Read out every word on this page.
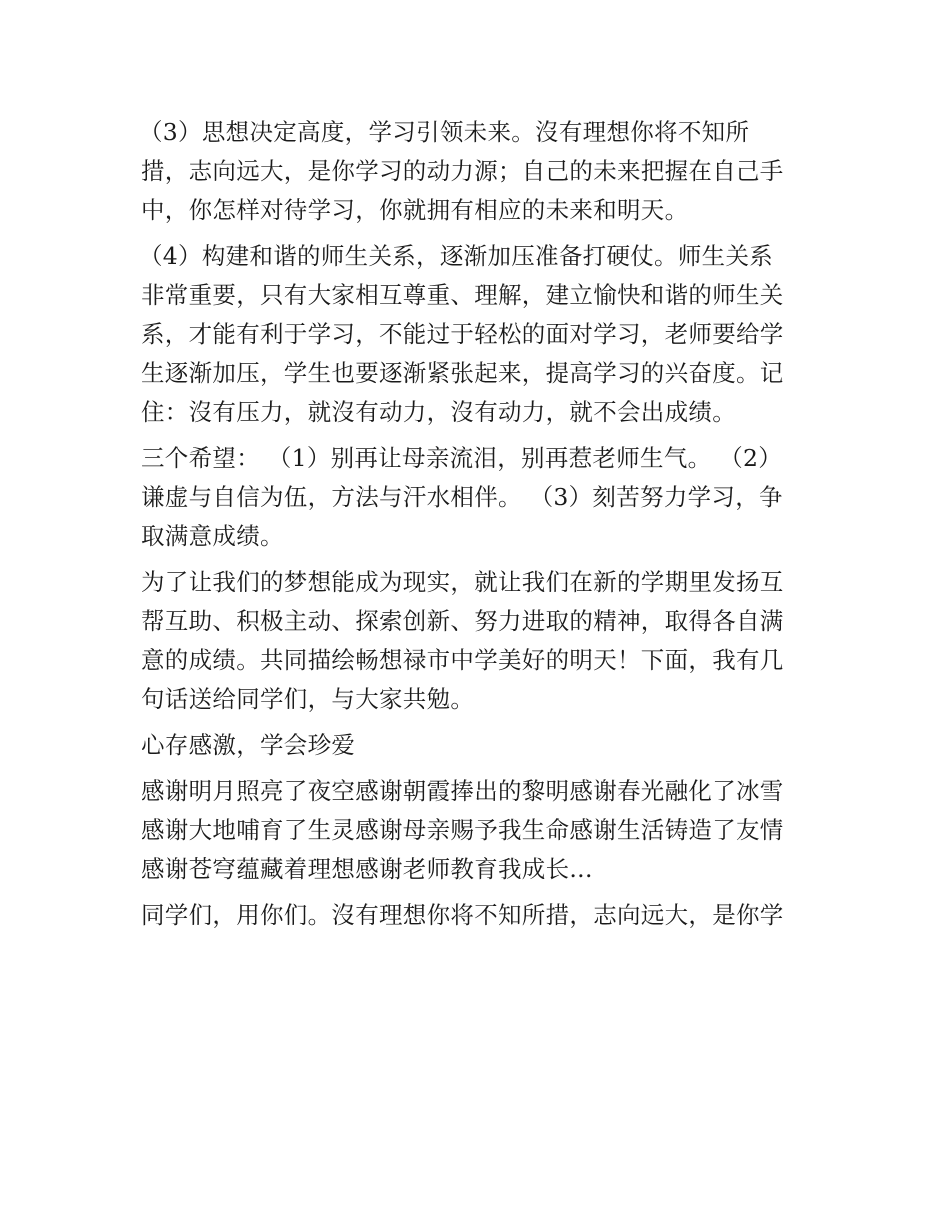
（3）思想决定高度，学习引领未来。沒有理想你将不知所
措，志向远大，是你学习的动力源；自己的未来把握在自己手
中，你怎样对待学习，你就拥有相应的未来和明天。
（4）构建和谐的师生关系，逐渐加压准备打硬仗。师生关系
非常重要，只有大家相互尊重、理解，建立愉快和谐的师生关
系，才能有利于学习，不能过于轻松的面对学习，老师要给学
生逐渐加压，学生也要逐渐紧张起来，提高学习的兴奋度。记
住：沒有压力，就沒有动力，沒有动力，就不会出成绩。
三个希望： （1）别再让母亲流泪，别再惹老师生气。 （2）
谦虚与自信为伍，方法与汗水相伴。 （3）刻苦努力学习，争
取满意成绩。
为了让我们的梦想能成为现实，就让我们在新的学期里发扬互
帮互助、积极主动、探索创新、努力进取的精神，取得各自满
意的成绩。共同描绘畅想禄市中学美好的明天！下面，我有几
句话送给同学们，与大家共勉。
心存感激，学会珍爱
感谢明月照亮了夜空感谢朝霞捧出的黎明感谢春光融化了冰雪
感谢大地哺育了生灵感谢母亲赐予我生命感谢生活铸造了友情
感谢苍穹蕴藏着理想感谢老师教育我成长...
同学们，用你们。沒有理想你将不知所措，志向远大，是你学
